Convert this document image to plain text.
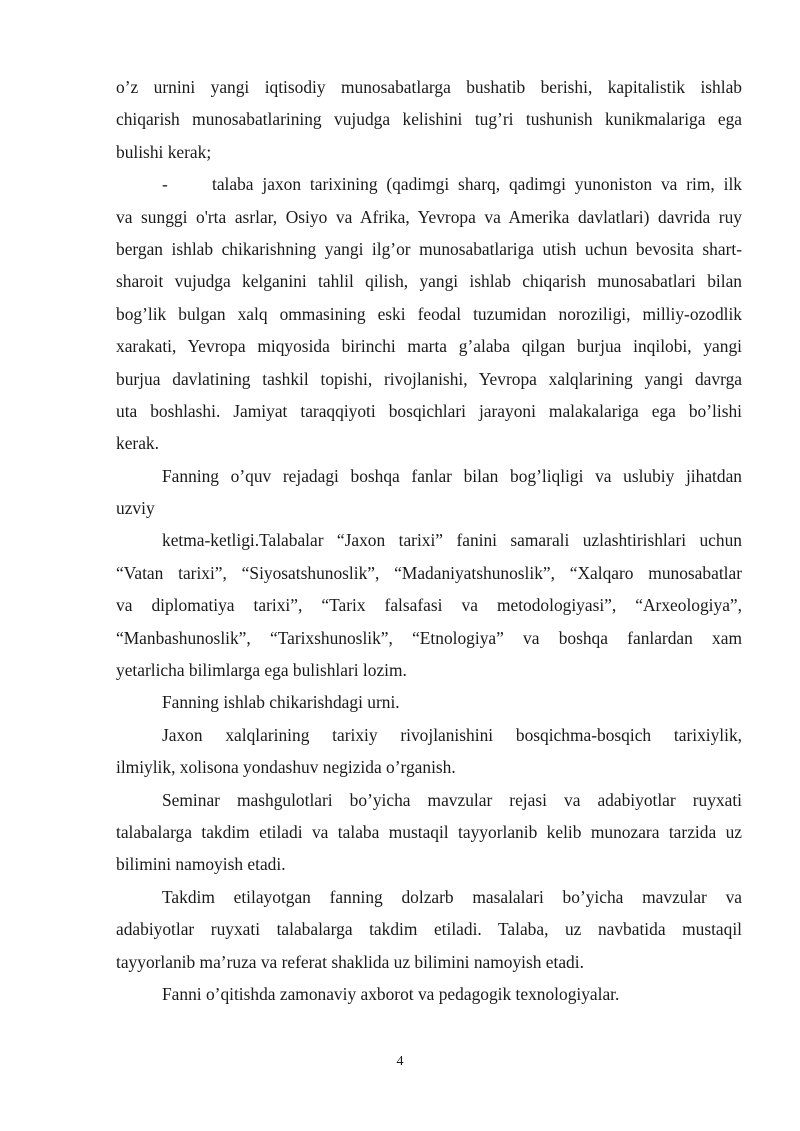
o’z urnini yangi iqtisodiy munosabatlarga bushatib berishi, kapitalistik ishlab
chiqarish munosabatlarining vujudga kelishini tug’ri tushunish kunikmalariga ega
bulishi kerak;
-	talaba jaxon tarixining (qadimgi sharq, qadimgi yunoniston va rim, ilk
va sunggi o'rta asrlar, Osiyo va Afrika, Yevropa va Amerika davlatlari) davrida ruy
bergan ishlab chikarishning yangi ilg’or munosabatlariga utish uchun bevosita shart-
sharoit vujudga kelganini tahlil qilish, yangi ishlab chiqarish munosabatlari bilan
bog’lik bulgan xalq ommasining eski feodal tuzumidan noroziligi, milliy-ozodlik
xarakati, Yevropa miqyosida birinchi marta g’alaba qilgan burjua inqilobi, yangi
burjua davlatining tashkil topishi, rivojlanishi, Yevropa xalqlarining yangi davrga
uta boshlashi. Jamiyat taraqqiyoti bosqichlari jarayoni malakalariga ega bo’lishi
kerak.
Fanning o’quv rejadagi boshqa fanlar bilan bog’liqligi va uslubiy jihatdan
uzviy
ketma-ketligi.Talabalar “Jaxon tarixi” fanini samarali uzlashtirishlari uchun
“Vatan tarixi”, “Siyosatshunoslik”, “Madaniyatshunoslik”, “Xalqaro munosabatlar
va diplomatiya tarixi”, “Tarix falsafasi va metodologiyasi”, “Arxeologiya”,
“Manbashunoslik”, “Tarixshunoslik”, “Etnologiya” va boshqa fanlardan xam
yetarlicha bilimlarga ega bulishlari lozim.
Fanning ishlab chikarishdagi urni.
Jaxon xalqlarining tarixiy rivojlanishini bosqichma-bosqich tarixiylik,
ilmiylik, xolisona yondashuv negizida o’rganish.
Seminar mashgulotlari bo’yicha mavzular rejasi va adabiyotlar ruyxati
talabalarga takdim etiladi va talaba mustaqil tayyorlanib kelib munozara tarzida uz
bilimini namoyish etadi.
Takdim etilayotgan fanning dolzarb masalalari bo’yicha mavzular va
adabiyotlar ruyxati talabalarga takdim etiladi. Talaba, uz navbatida mustaqil
tayyorlanib ma’ruza va referat shaklida uz bilimini namoyish etadi.
Fanni o’qitishda zamonaviy axborot va pedagogik texnologiyalar.
4
